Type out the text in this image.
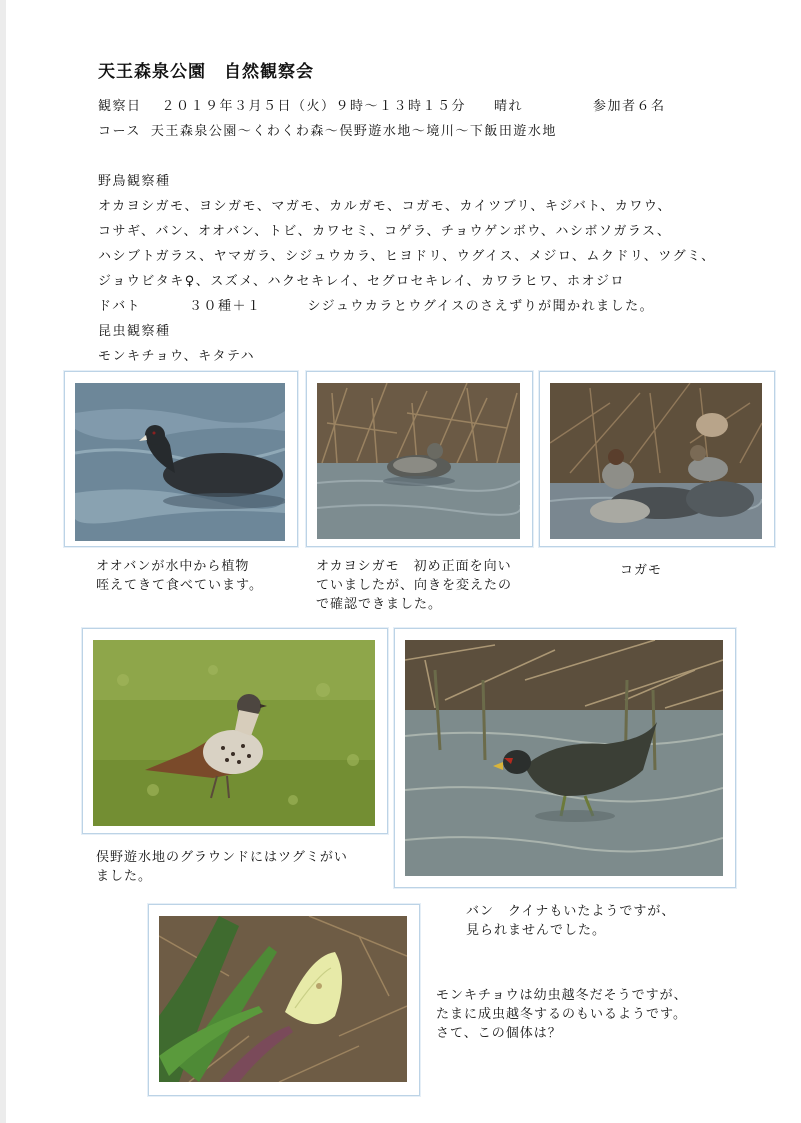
天王森泉公園　自然観察会
観察日 ２０１９年３月５日（火）９時～１３時１５分 晴れ	参加者６名
コース 天王森泉公園～くわくわ森～俣野遊水地～境川～下飯田遊水地
野鳥観察種
オカヨシガモ、ヨシガモ、マガモ、カルガモ、コガモ、カイツブリ、キジバト、カワウ、
コサギ、バン、オオバン、トビ、カワセミ、コゲラ、チョウゲンボウ、ハシボソガラス、
ハシブトガラス、ヤマガラ、シジュウカラ、ヒヨドリ、ウグイス、メジロ、ムクドリ、ツグミ、
ジョウビタキ♀、スズメ、ハクセキレイ、セグロセキレイ、カワラヒワ、ホオジロ
ドバト	３０種＋１	シジュウカラとウグイスのさえずりが聞かれました。
昆虫観察種
モンキチョウ、キタテハ
オオバンが水中から植物
咥えてきて食べています。
オカヨシガモ　初め正面を向い
ていましたが、向きを変えたの
で確認できました。
コガモ
俣野遊水地のグラウンドにはツグミがい
ました。
バン　クイナもいたようですが、
見られませんでした。
モンキチョウは幼虫越冬だそうですが、
たまに成虫越冬するのもいるようです。
さて、この個体は？
